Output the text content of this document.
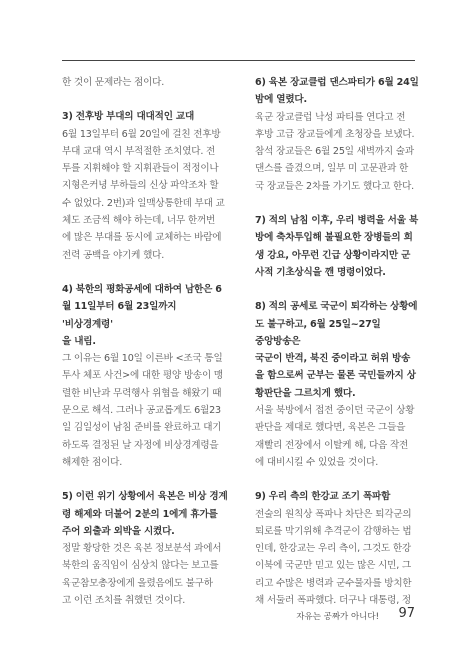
한 것이 문제라는 점이다.

3) 전후방 부대의 대대적인 교대

6월 13일부터 6월 20일에 걸친 전후방
부대 교대 역시 부적절한 조치였다. 전
투를 지휘해야 할 지휘관들이 적정이나
지형은커녕 부하들의 신상 파악조차 할
수 없었다. 2번)과 일맥상통한데 부대 교
체도 조금씩 해야 하는데, 너무 한꺼번
에 많은 부대를 동시에 교체하는 바람에
전력 공백을 야기케 했다.

4) 북한의 평화공세에 대하여 남한은 6
월 11일부터 6월 23일까지 '비상경계령'
을 내림.

그 이유는 6월 10일 이른바 <조국 통일
투사 체포 사건>에 대한 평양 방송이 맹
렬한 비난과 무력행사 위협을 해왔기 때
문으로 해석. 그러나 공교롭게도 6월23
일 김일성이 남침 준비를 완료하고 대기
하도록 결정된 날 자정에 비상경계령을
해제한 점이다.

5) 이런 위기 상황에서 육본은 비상 경계
령 해제와 더불어 2분의 1에게 휴가를
주어 외출과 외박을 시켰다.

정말 황당한 것은 육본 정보분석 과에서
북한의 움직임이 심상치 않다는 보고를
육군참모총장에게 올렸음에도 불구하
고 이런 조치를 취했던 것이다.

6) 육본 장교클럽 댄스파티가 6월 24일
밤에 열렸다.

육군 장교클럽 낙성 파티를 연다고 전
후방 고급 장교들에게 초청장을 보냈다.
참석 장교들은 6월 25일 새벽까지 술과
댄스를 즐겼으며, 일부 미 고문관과 한
국 장교들은 2차를 가기도 했다고 한다.

7) 적의 남침 이후, 우리 병력을 서울 북
방에 축차투입해 불필요한 장병들의 희
생 강요, 아무런 긴급 상황이라지만 군
사적 기초상식을 깬 명령이었다.

8) 적의 공세로 국군이 퇴각하는 상황에
도 불구하고, 6월 25일~27일 중앙방송은
국군이 반격, 북진 중이라고 허위 방송
을 함으로써 군부는 물론 국민들까지 상
황판단을 그르치게 했다.

서울 북방에서 접전 중이던 국군이 상황
판단을 제대로 했다면, 육본은 그들을
재빨리 전장에서 이탈케 해, 다음 작전
에 대비시킬 수 있었을 것이다.

9) 우리 측의 한강교 조기 폭파함

전술의 원칙상 폭파나 차단은 퇴각군의
퇴로를 막기위해 추격군이 감행하는 법
인데, 한강교는 우리 측이, 그것도 한강
이북에 국군만 믿고 있는 많은 시민, 그
리고 수많은 병력과 군수물자를 방치한
채 서둘러 폭파했다. 더구나 대통령, 정

자유는 공짜가 아니다! 97
